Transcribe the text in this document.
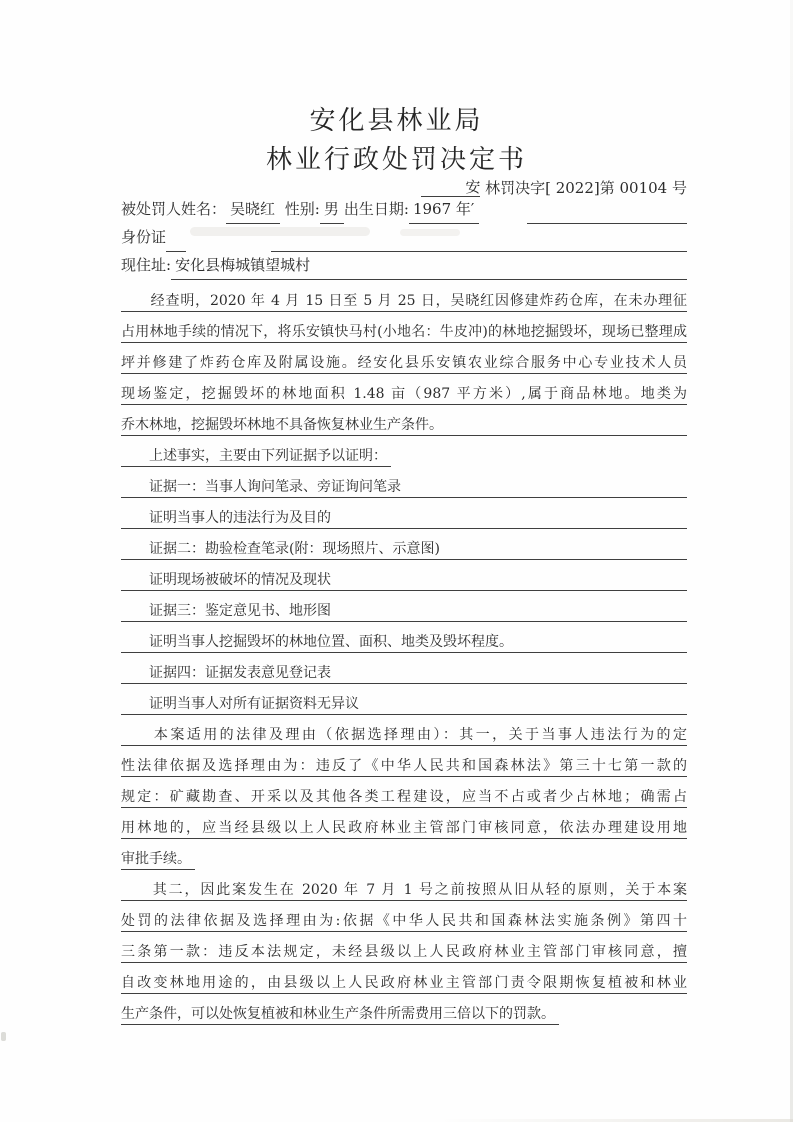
安化县林业局
林业行政处罚决定书
安 林罚决字[ 2022]第 00104 号
被处罚人姓名： 吴晓红 性别: 男 出生日期: 1967 年′
身份证
现住址: 安化县梅城镇望城村
　　经查明，2020 年 4 月 15 日至 5 月 25 日，吴晓红因修建炸药仓库，在未办理征
占用林地手续的情况下，将乐安镇快马村(小地名：牛皮冲)的林地挖掘毁坏，现场已整理成
坪并修建了炸药仓库及附属设施。经安化县乐安镇农业综合服务中心专业技术人员
现场鉴定，挖掘毁坏的林地面积 1.48 亩（987 平方米）,属于商品林地。地类为
乔木林地，挖掘毁坏林地不具备恢复林业生产条件。
　　上述事实，主要由下列证据予以证明：
　　证据一：当事人询问笔录、旁证询问笔录
　　证明当事人的违法行为及目的
　　证据二：勘验检查笔录(附：现场照片、示意图)
　　证明现场被破坏的情况及现状
　　证据三：鉴定意见书、地形图
　　证明当事人挖掘毁坏的林地位置、面积、地类及毁坏程度。
　　证据四：证据发表意见登记表
　　证明当事人对所有证据资料无异议
　　本案适用的法律及理由（依据选择理由）：其一，关于当事人违法行为的定
性法律依据及选择理由为：违反了《中华人民共和国森林法》第三十七第一款的
规定：矿藏勘查、开采以及其他各类工程建设，应当不占或者少占林地；确需占
用林地的，应当经县级以上人民政府林业主管部门审核同意，依法办理建设用地
审批手续。
　　其二，因此案发生在 2020 年 7 月 1 号之前按照从旧从轻的原则，关于本案
处罚的法律依据及选择理由为:依据《中华人民共和国森林法实施条例》第四十
三条第一款：违反本法规定，未经县级以上人民政府林业主管部门审核同意，擅
自改变林地用途的，由县级以上人民政府林业主管部门责令限期恢复植被和林业
生产条件，可以处恢复植被和林业生产条件所需费用三倍以下的罚款。
